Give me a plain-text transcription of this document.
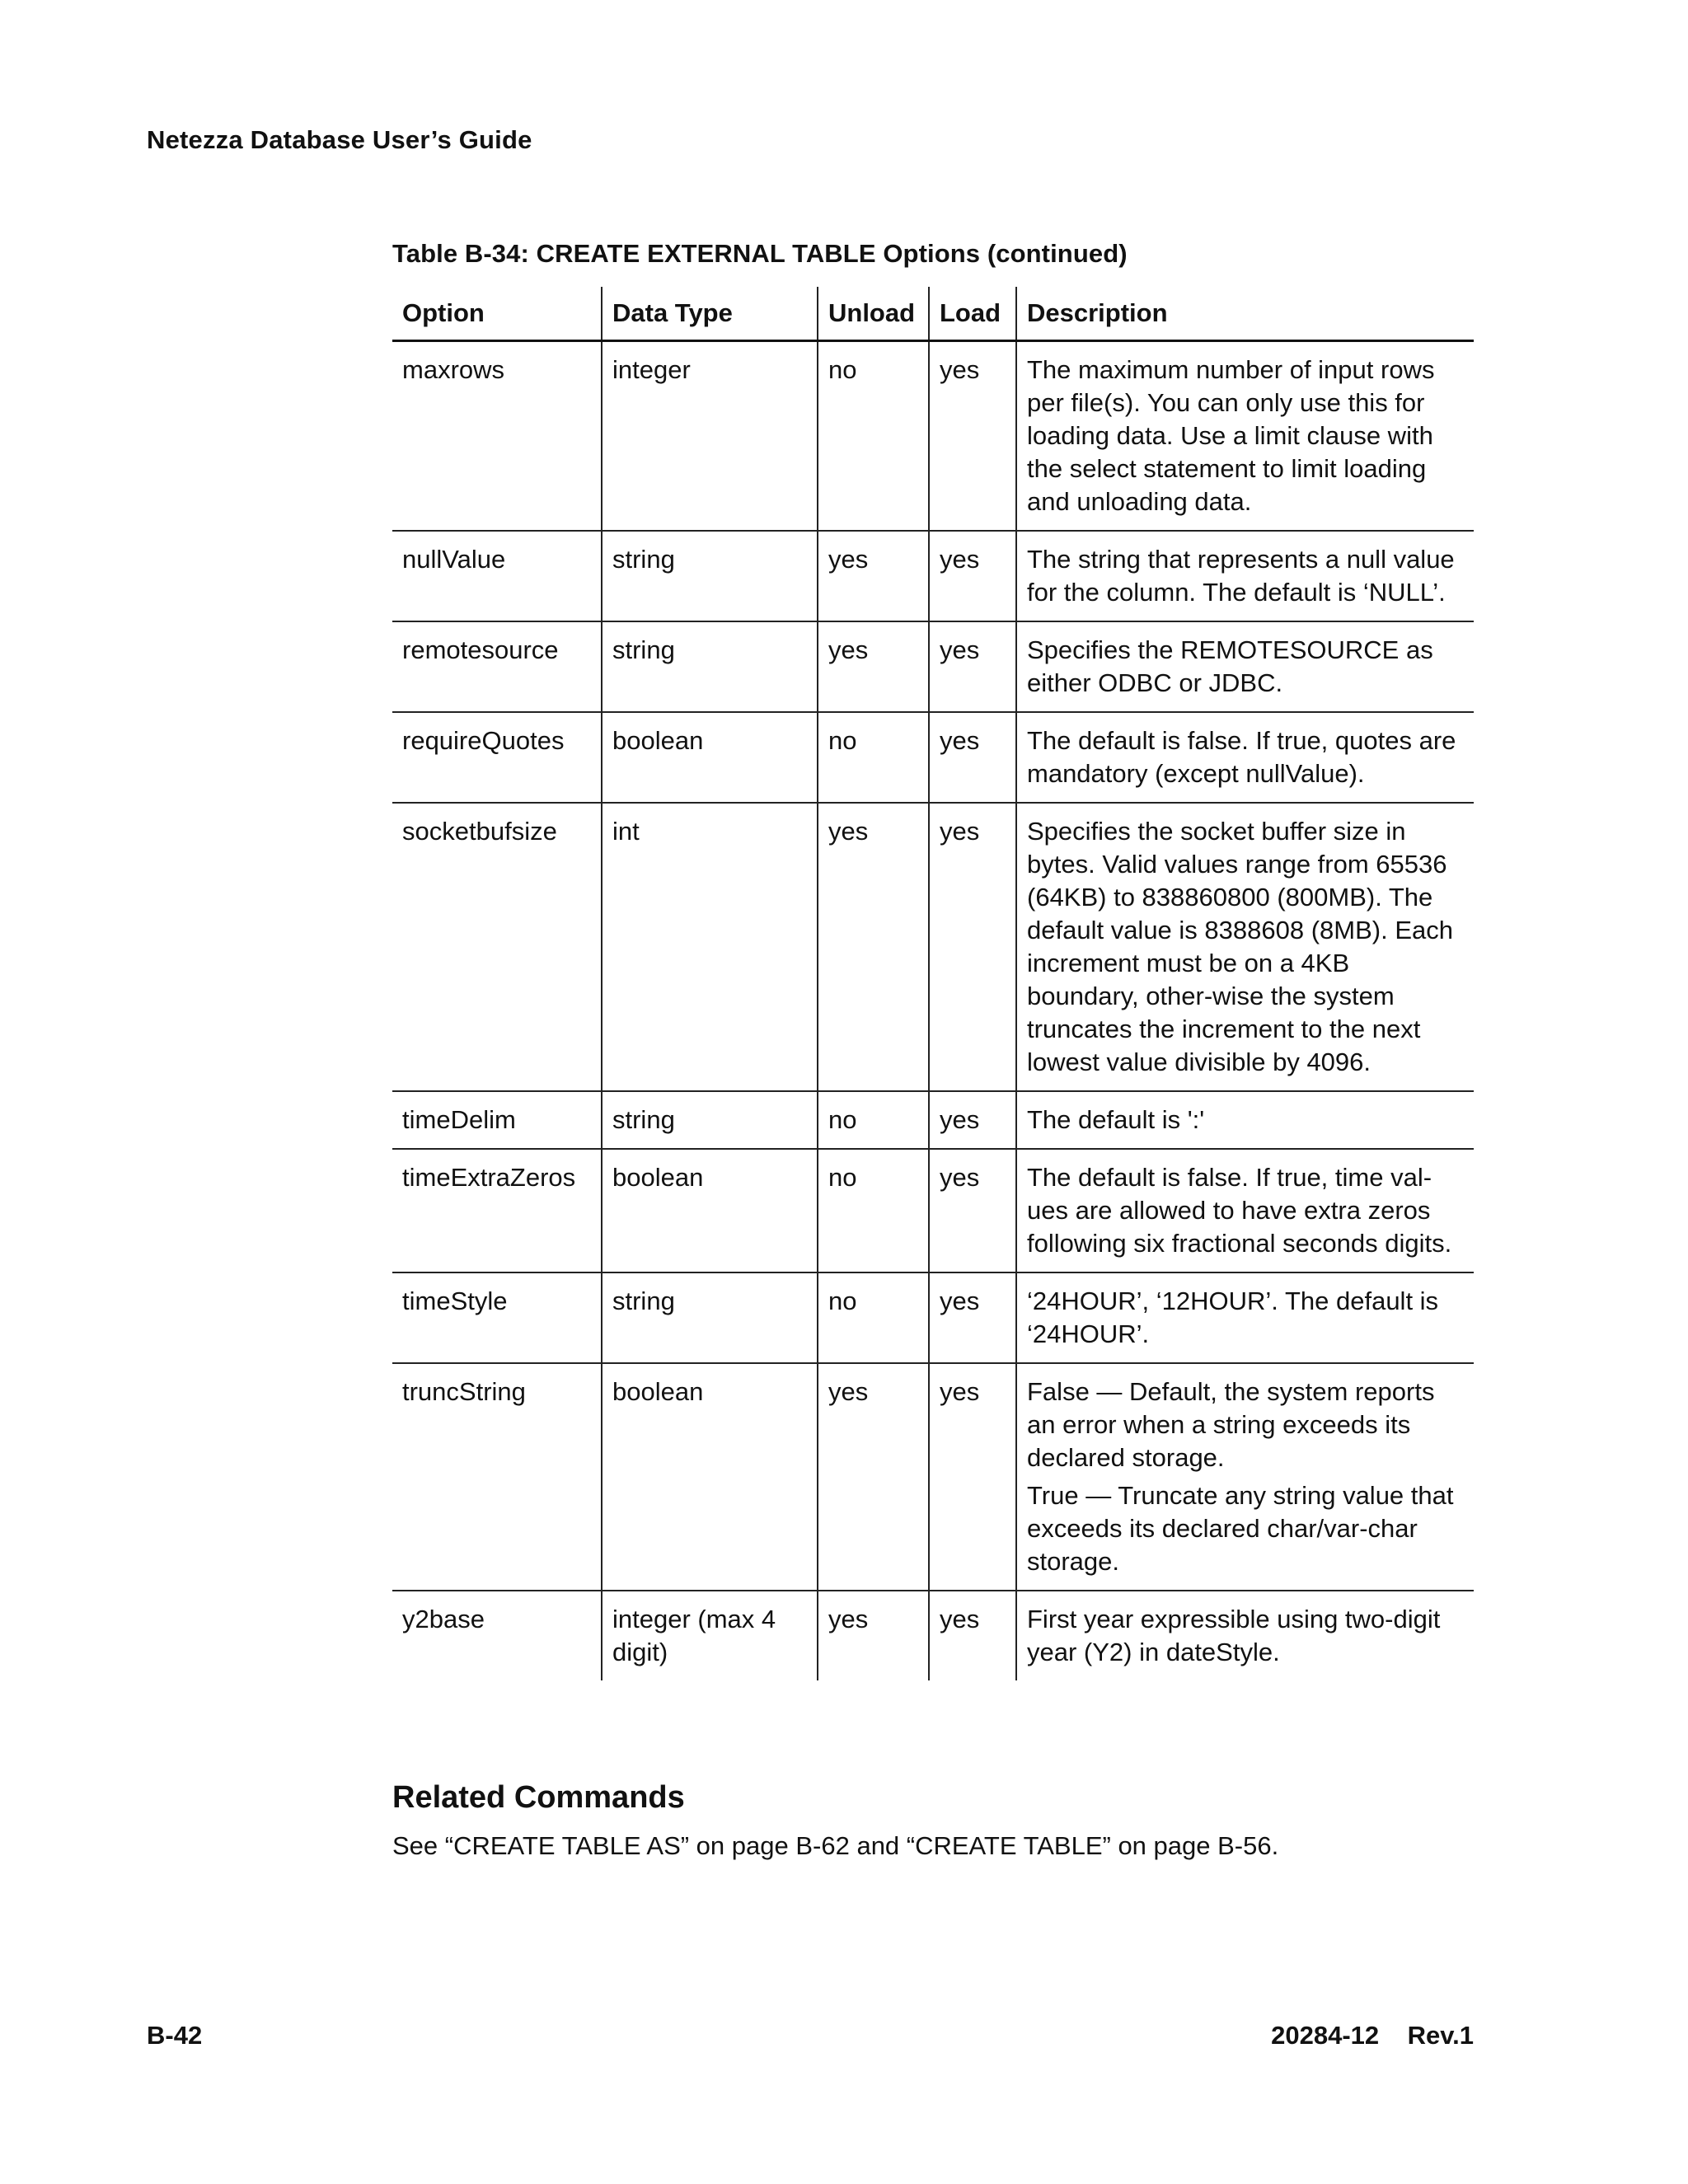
Netezza Database User’s Guide
Table B-34: CREATE EXTERNAL TABLE Options (continued)
Option	Data Type	Unload	Load	Description
maxrows	integer	no	yes	The maximum number of input rows per file(s). You can only use this for loading data. Use a limit clause with the select statement to limit loading and unloading data.

nullValue	string	yes	yes	The string that represents a null value for the column. The default is ‘NULL’.

remotesource	string	yes	yes	Specifies the REMOTESOURCE as either ODBC or JDBC.

requireQuotes	boolean	no	yes	The default is false. If true, quotes are mandatory (except nullValue).

socketbufsize	int	yes	yes	Specifies the socket buffer size in bytes. Valid values range from 65536 (64KB) to 838860800 (800MB). The default value is 8388608 (8MB). Each increment must be on a 4KB boundary, other-wise the system truncates the increment to the next lowest value divisible by 4096.

timeDelim	string	no	yes	The default is ':'

timeExtraZeros	boolean	no	yes	The default is false. If true, time val-ues are allowed to have extra zeros following six fractional seconds digits.

timeStyle	string	no	yes	‘24HOUR’, ‘12HOUR’. The default is ‘24HOUR’.

truncString	boolean	yes	yes	False — Default, the system reports an error when a string exceeds its declared storage.
True — Truncate any string value that exceeds its declared char/var-char storage.

y2base	integer (max 4 digit)	yes	yes	First year expressible using two-digit year (Y2) in dateStyle.
Related Commands
See “CREATE TABLE AS” on page B-62 and “CREATE TABLE” on page B-56.
B-42	20284-12    Rev.1
